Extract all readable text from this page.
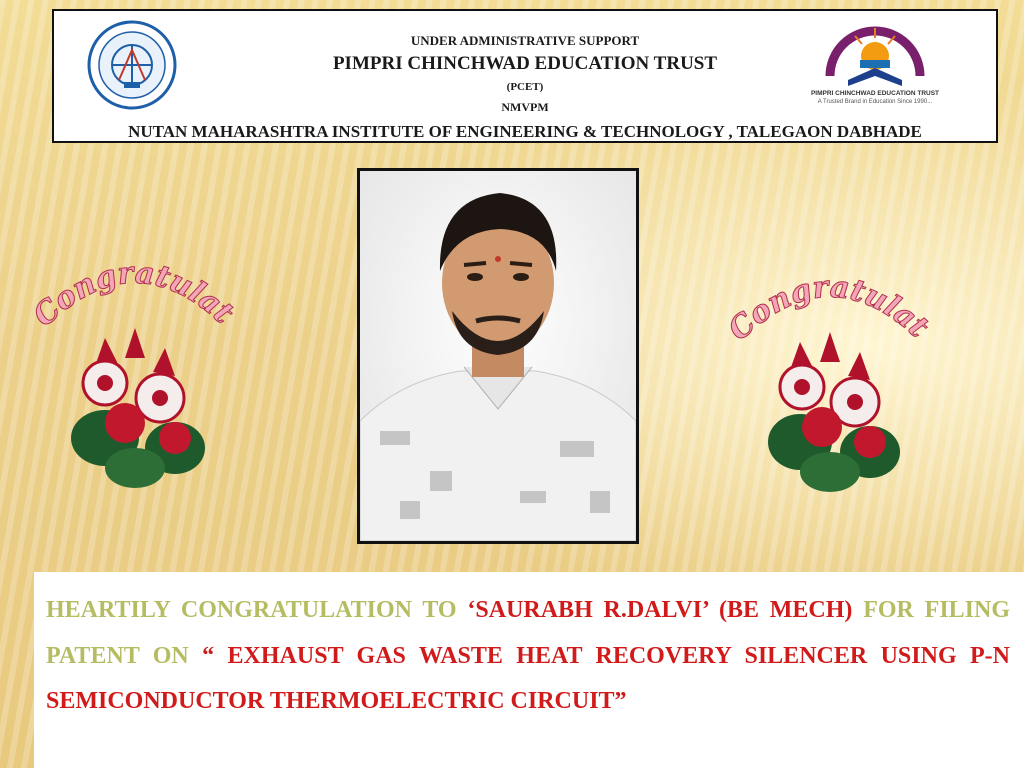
UNDER ADMINISTRATIVE SUPPORT
PIMPRI CHINCHWAD EDUCATION TRUST
(PCET)
NMVPM
NUTAN MAHARASHTRA INSTITUTE OF ENGINEERING & TECHNOLOGY , TALEGAON DABHADE
PIMPRI CHINCHWAD EDUCATION TRUST
A Trusted Brand in Education Since 1990...
Congratulat	ongratulat
HEARTILY CONGRATULATION TO ‘SAURABH R.DALVI’ (BE MECH) FOR FILING PATENT ON “ EXHAUST GAS WASTE HEAT RECOVERY SILENCER USING P-N SEMICONDUCTOR THERMOELECTRIC CIRCUIT”
